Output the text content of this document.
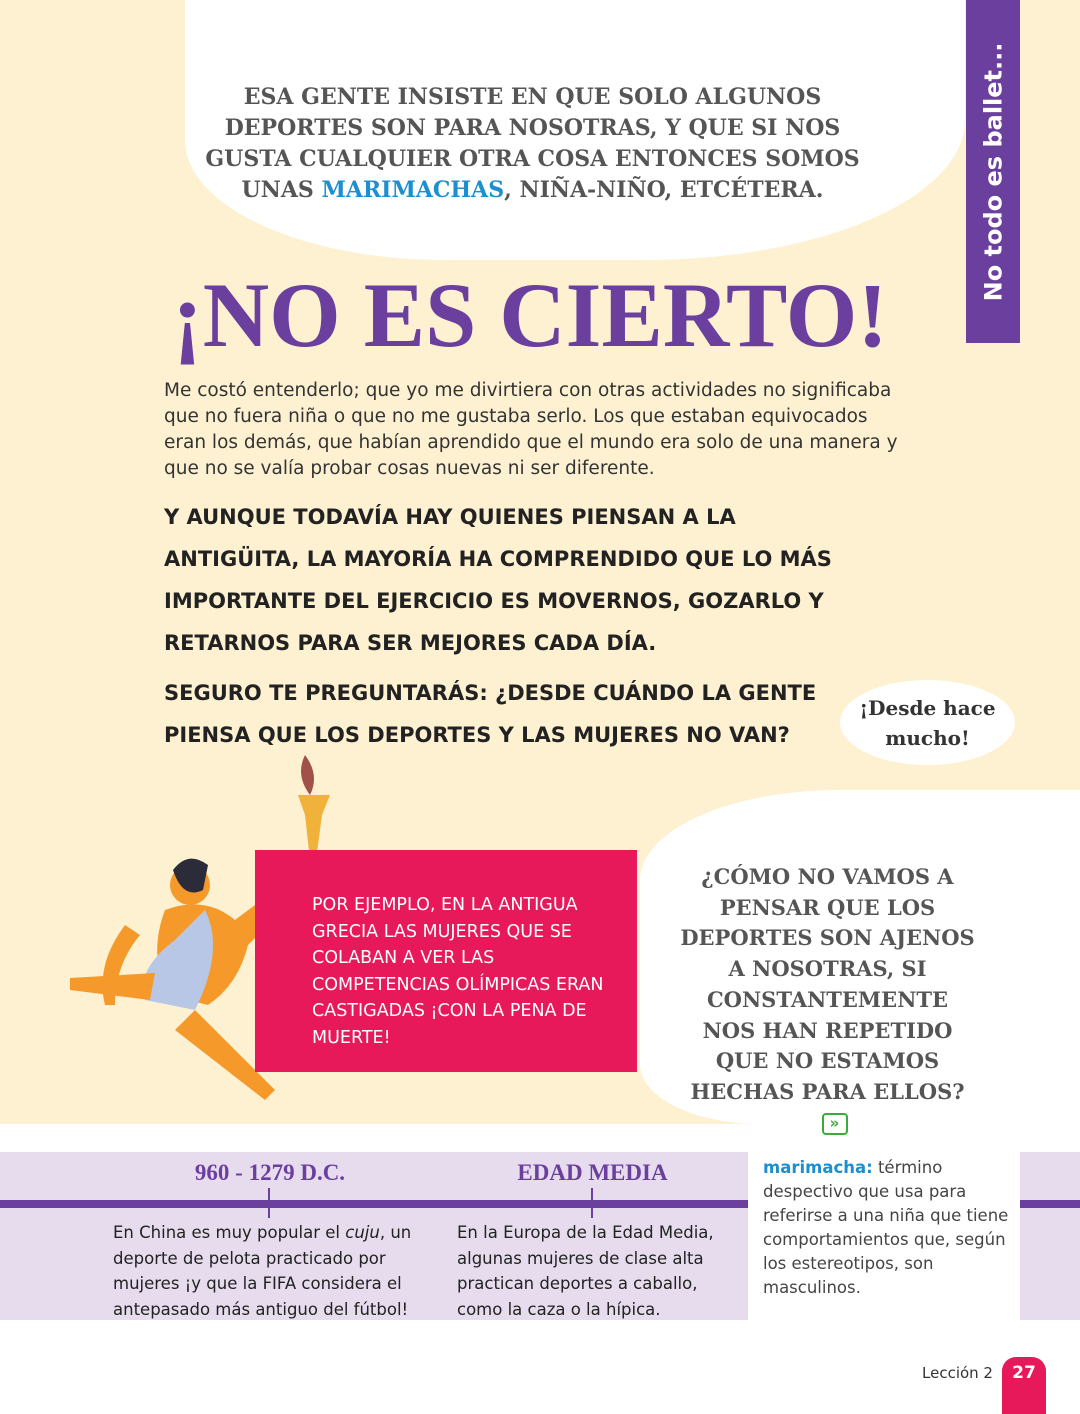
No todo es ballet...
ESA GENTE INSISTE EN QUE SOLO ALGUNOS DEPORTES SON PARA NOSOTRAS, Y QUE SI NOS GUSTA CUALQUIER OTRA COSA ENTONCES SOMOS UNAS MARIMACHAS, NIÑA-NIÑO, ETCÉTERA.
¡NO ES CIERTO!
Me costó entenderlo; que yo me divirtiera con otras actividades no significaba que no fuera niña o que no me gustaba serlo. Los que estaban equivocados eran los demás, que habían aprendido que el mundo era solo de una manera y que no se valía probar cosas nuevas ni ser diferente.
Y AUNQUE TODAVÍA HAY QUIENES PIENSAN A LA ANTIGÜITA, LA MAYORÍA HA COMPRENDIDO QUE LO MÁS IMPORTANTE DEL EJERCICIO ES MOVERNOS, GOZARLO Y RETARNOS PARA SER MEJORES CADA DÍA.
SEGURO TE PREGUNTARÁS: ¿DESDE CUÁNDO LA GENTE PIENSA QUE LOS DEPORTES Y LAS MUJERES NO VAN?
¡Desde hace mucho!
POR EJEMPLO, EN LA ANTIGUA GRECIA LAS MUJERES QUE SE COLABAN A VER LAS COMPETENCIAS OLÍMPICAS ERAN CASTIGADAS ¡CON LA PENA DE MUERTE!
¿CÓMO NO VAMOS A PENSAR QUE LOS DEPORTES SON AJENOS A NOSOTRAS, SI CONSTANTEMENTE NOS HAN REPETIDO QUE NO ESTAMOS HECHAS PARA ELLOS?»
960 - 1279 D.C.	EDAD MEDIA
En China es muy popular el cuju, un deporte de pelota practicado por mujeres ¡y que la FIFA considera el antepasado más antiguo del fútbol!
En la Europa de la Edad Media, algunas mujeres de clase alta practican deportes a caballo, como la caza o la hípica.
marimacha: término despectivo que usa para referirse a una niña que tiene comportamientos que, según los estereotipos, son masculinos.
Lección 2	27
